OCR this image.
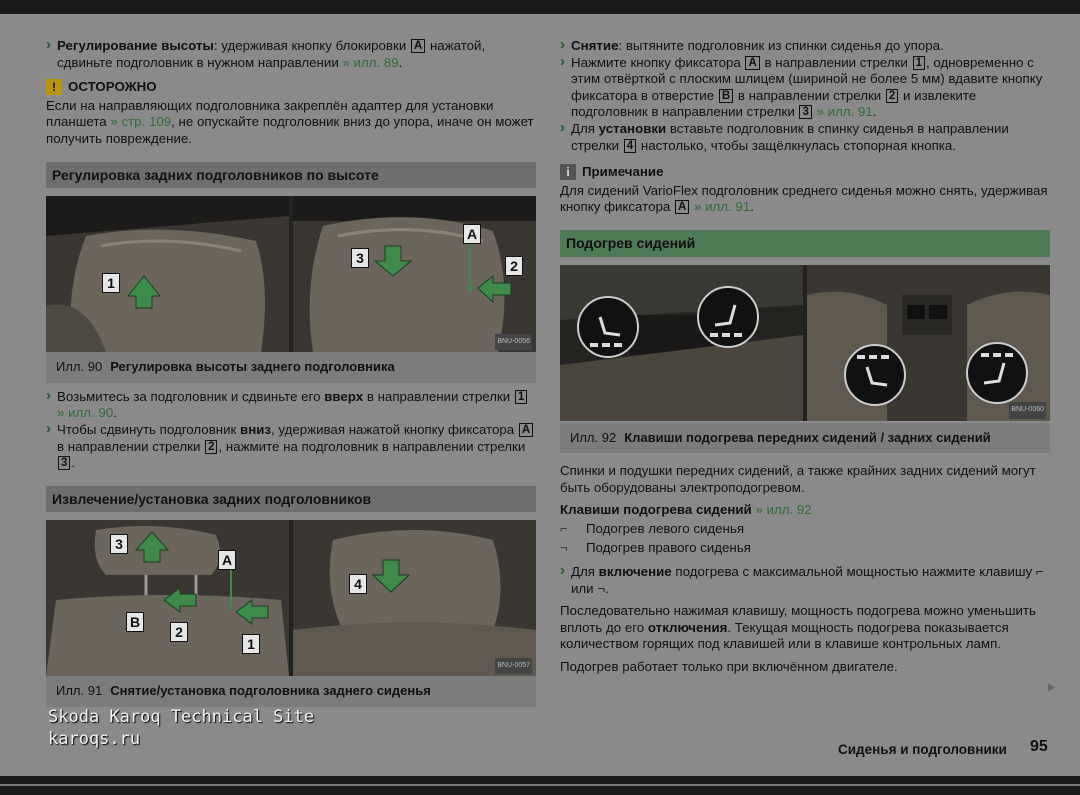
› Регулирование высоты: удерживая кнопку блокировки A нажатой, сдвиньте подголовник в нужном направлении » илл. 89.

! ОСТОРОЖНО

Если на направляющих подголовника закреплён адаптер для установки планшета » стр. 109, не опускайте подголовник вниз до упора, иначе он может получить повреждение.

Регулировка задних подголовников по высоте
1
3
A
2
BNU-0056
Илл. 90 Регулировка высоты заднего подголовника

› Возьмитесь за подголовник и сдвиньте его вверх в направлении стрелки 1 » илл. 90.

› Чтобы сдвинуть подголовник вниз, удерживая нажатой кнопку фиксатора A в направлении стрелки 2 , нажмите на подголовник в направлении стрелки 3 .

Извлечение/установка задних подголовников
3
A
B
2
1
4
BNU-0057
Илл. 91 Снятие/установка подголовника заднего сиденья

› Снятие: вытяните подголовник из спинки сиденья до упора.

› Нажмите кнопку фиксатора A в направлении стрелки 1 , одновременно с этим отвёрткой с плоским шлицем (шириной не более 5 мм) вдавите кнопку фиксатора в отверстие B в направлении стрелки 2 и извлеките подголовник в направлении стрелки 3 » илл. 91.

› Для установки вставьте подголовник в спинку сиденья в направлении стрелки 4 настолько, чтобы защёлкнулась стопорная кнопка.

i Примечание

Для сидений VarioFlex подголовник среднего сиденья можно снять, удерживая кнопку фиксатора A » илл. 91.

Подогрев сидений
BNU-0060
Илл. 92 Клавиши подогрева передних сидений / задних сидений

Спинки и подушки передних сидений, а также крайних задних сидений могут быть оборудованы электроподогревом.

Клавиши подогрева сидений » илл. 92

⌐	Подогрев левого сиденья
¬	Подогрев правого сиденья

› Для включение подогрева с максимальной мощностью нажмите клавишу ⌐ или ¬.

Последовательно нажимая клавишу, мощность подогрева можно уменьшить вплоть до его отключения. Текущая мощность подогрева показывается количеством горящих под клавишей или в клавише контрольных ламп.

Подогрев работает только при включённом двигателе.

▶
Skoda Karoq Technical Site
karoqs.ru
Сиденья и подголовники 95
